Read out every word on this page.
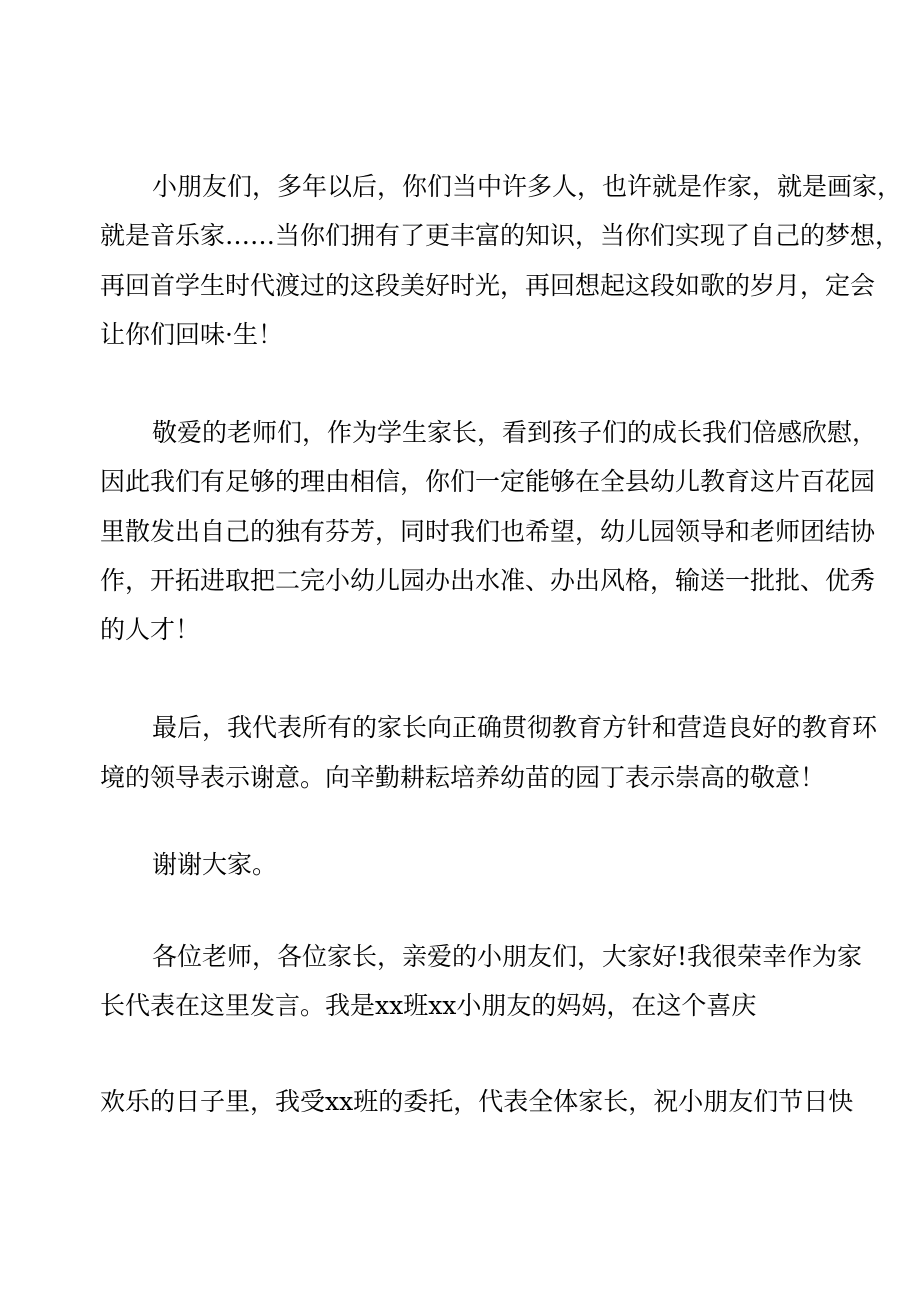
小朋友们，多年以后，你们当中许多人，也许就是作家，就是画家，
就是音乐家……当你们拥有了更丰富的知识，当你们实现了自己的梦想，
再回首学生时代渡过的这段美好时光，再回想起这段如歌的岁月，定会
让你们回味·生！
敬爱的老师们，作为学生家长，看到孩子们的成长我们倍感欣慰，
因此我们有足够的理由相信，你们一定能够在全县幼儿教育这片百花园
里散发出自己的独有芬芳，同时我们也希望，幼儿园领导和老师团结协
作，开拓进取把二完小幼儿园办出水准、办出风格，输送一批批、优秀
的人才！
最后，我代表所有的家长向正确贯彻教育方针和营造良好的教育环
境的领导表示谢意。向辛勤耕耘培养幼苗的园丁表示崇高的敬意！
谢谢大家。
各位老师，各位家长，亲爱的小朋友们，大家好!我很荣幸作为家
长代表在这里发言。我是xx班xx小朋友的妈妈，在这个喜庆
欢乐的日子里，我受xx班的委托，代表全体家长，祝小朋友们节日快
